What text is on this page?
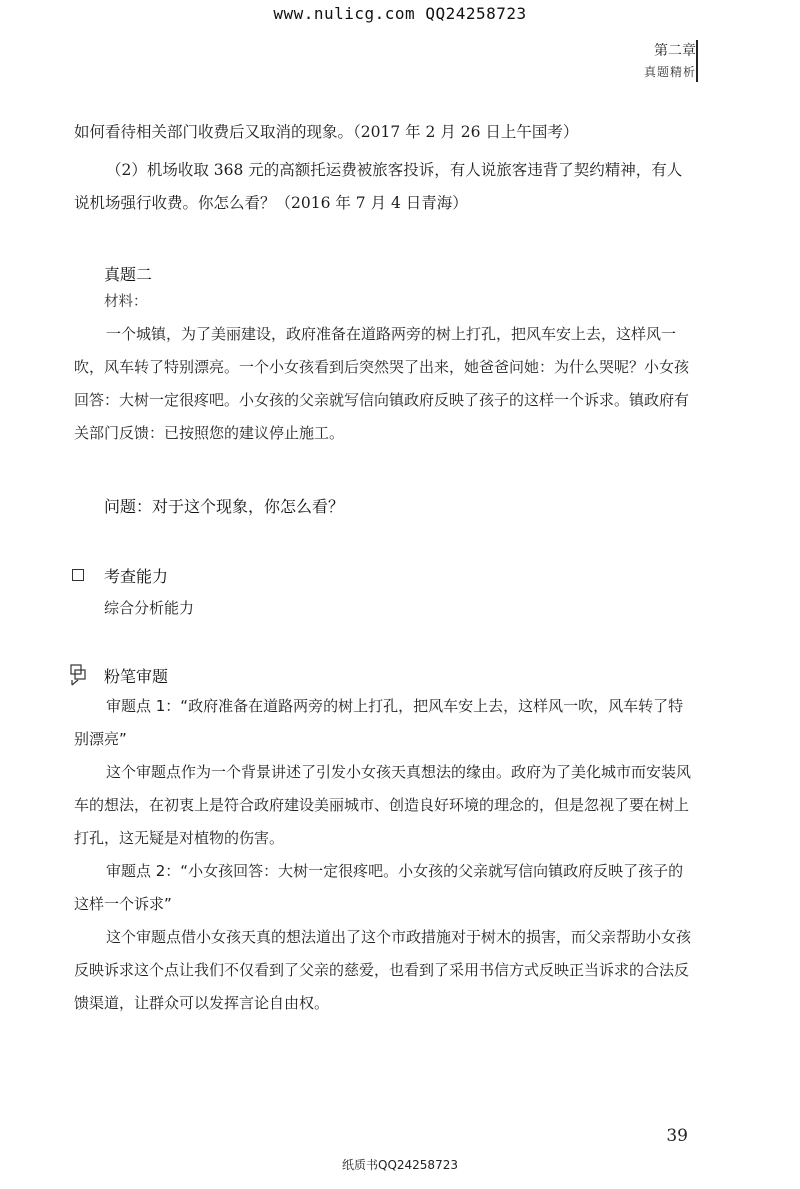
www.nulicg.com QQ24258723
第二章
真题精析
如何看待相关部门收费后又取消的现象。（2017 年 2 月 26 日上午国考）
（2）机场收取 368 元的高额托运费被旅客投诉，有人说旅客违背了契约精神，有人说机场强行收费。你怎么看？（2016 年 7 月 4 日青海）
真题二
材料：
一个城镇，为了美丽建设，政府准备在道路两旁的树上打孔，把风车安上去，这样风一吹，风车转了特别漂亮。一个小女孩看到后突然哭了出来，她爸爸问她：为什么哭呢？小女孩回答：大树一定很疼吧。小女孩的父亲就写信向镇政府反映了孩子的这样一个诉求。镇政府有关部门反馈：已按照您的建议停止施工。
问题：对于这个现象，你怎么看？
考查能力
综合分析能力
粉笔审题
审题点 1：“政府准备在道路两旁的树上打孔，把风车安上去，这样风一吹，风车转了特别漂亮”
这个审题点作为一个背景讲述了引发小女孩天真想法的缘由。政府为了美化城市而安装风车的想法，在初衷上是符合政府建设美丽城市、创造良好环境的理念的，但是忽视了要在树上打孔，这无疑是对植物的伤害。
审题点 2：“小女孩回答：大树一定很疼吧。小女孩的父亲就写信向镇政府反映了孩子的这样一个诉求”
这个审题点借小女孩天真的想法道出了这个市政措施对于树木的损害，而父亲帮助小女孩反映诉求这个点让我们不仅看到了父亲的慈爱，也看到了采用书信方式反映正当诉求的合法反馈渠道，让群众可以发挥言论自由权。
39
纸质书QQ24258723
